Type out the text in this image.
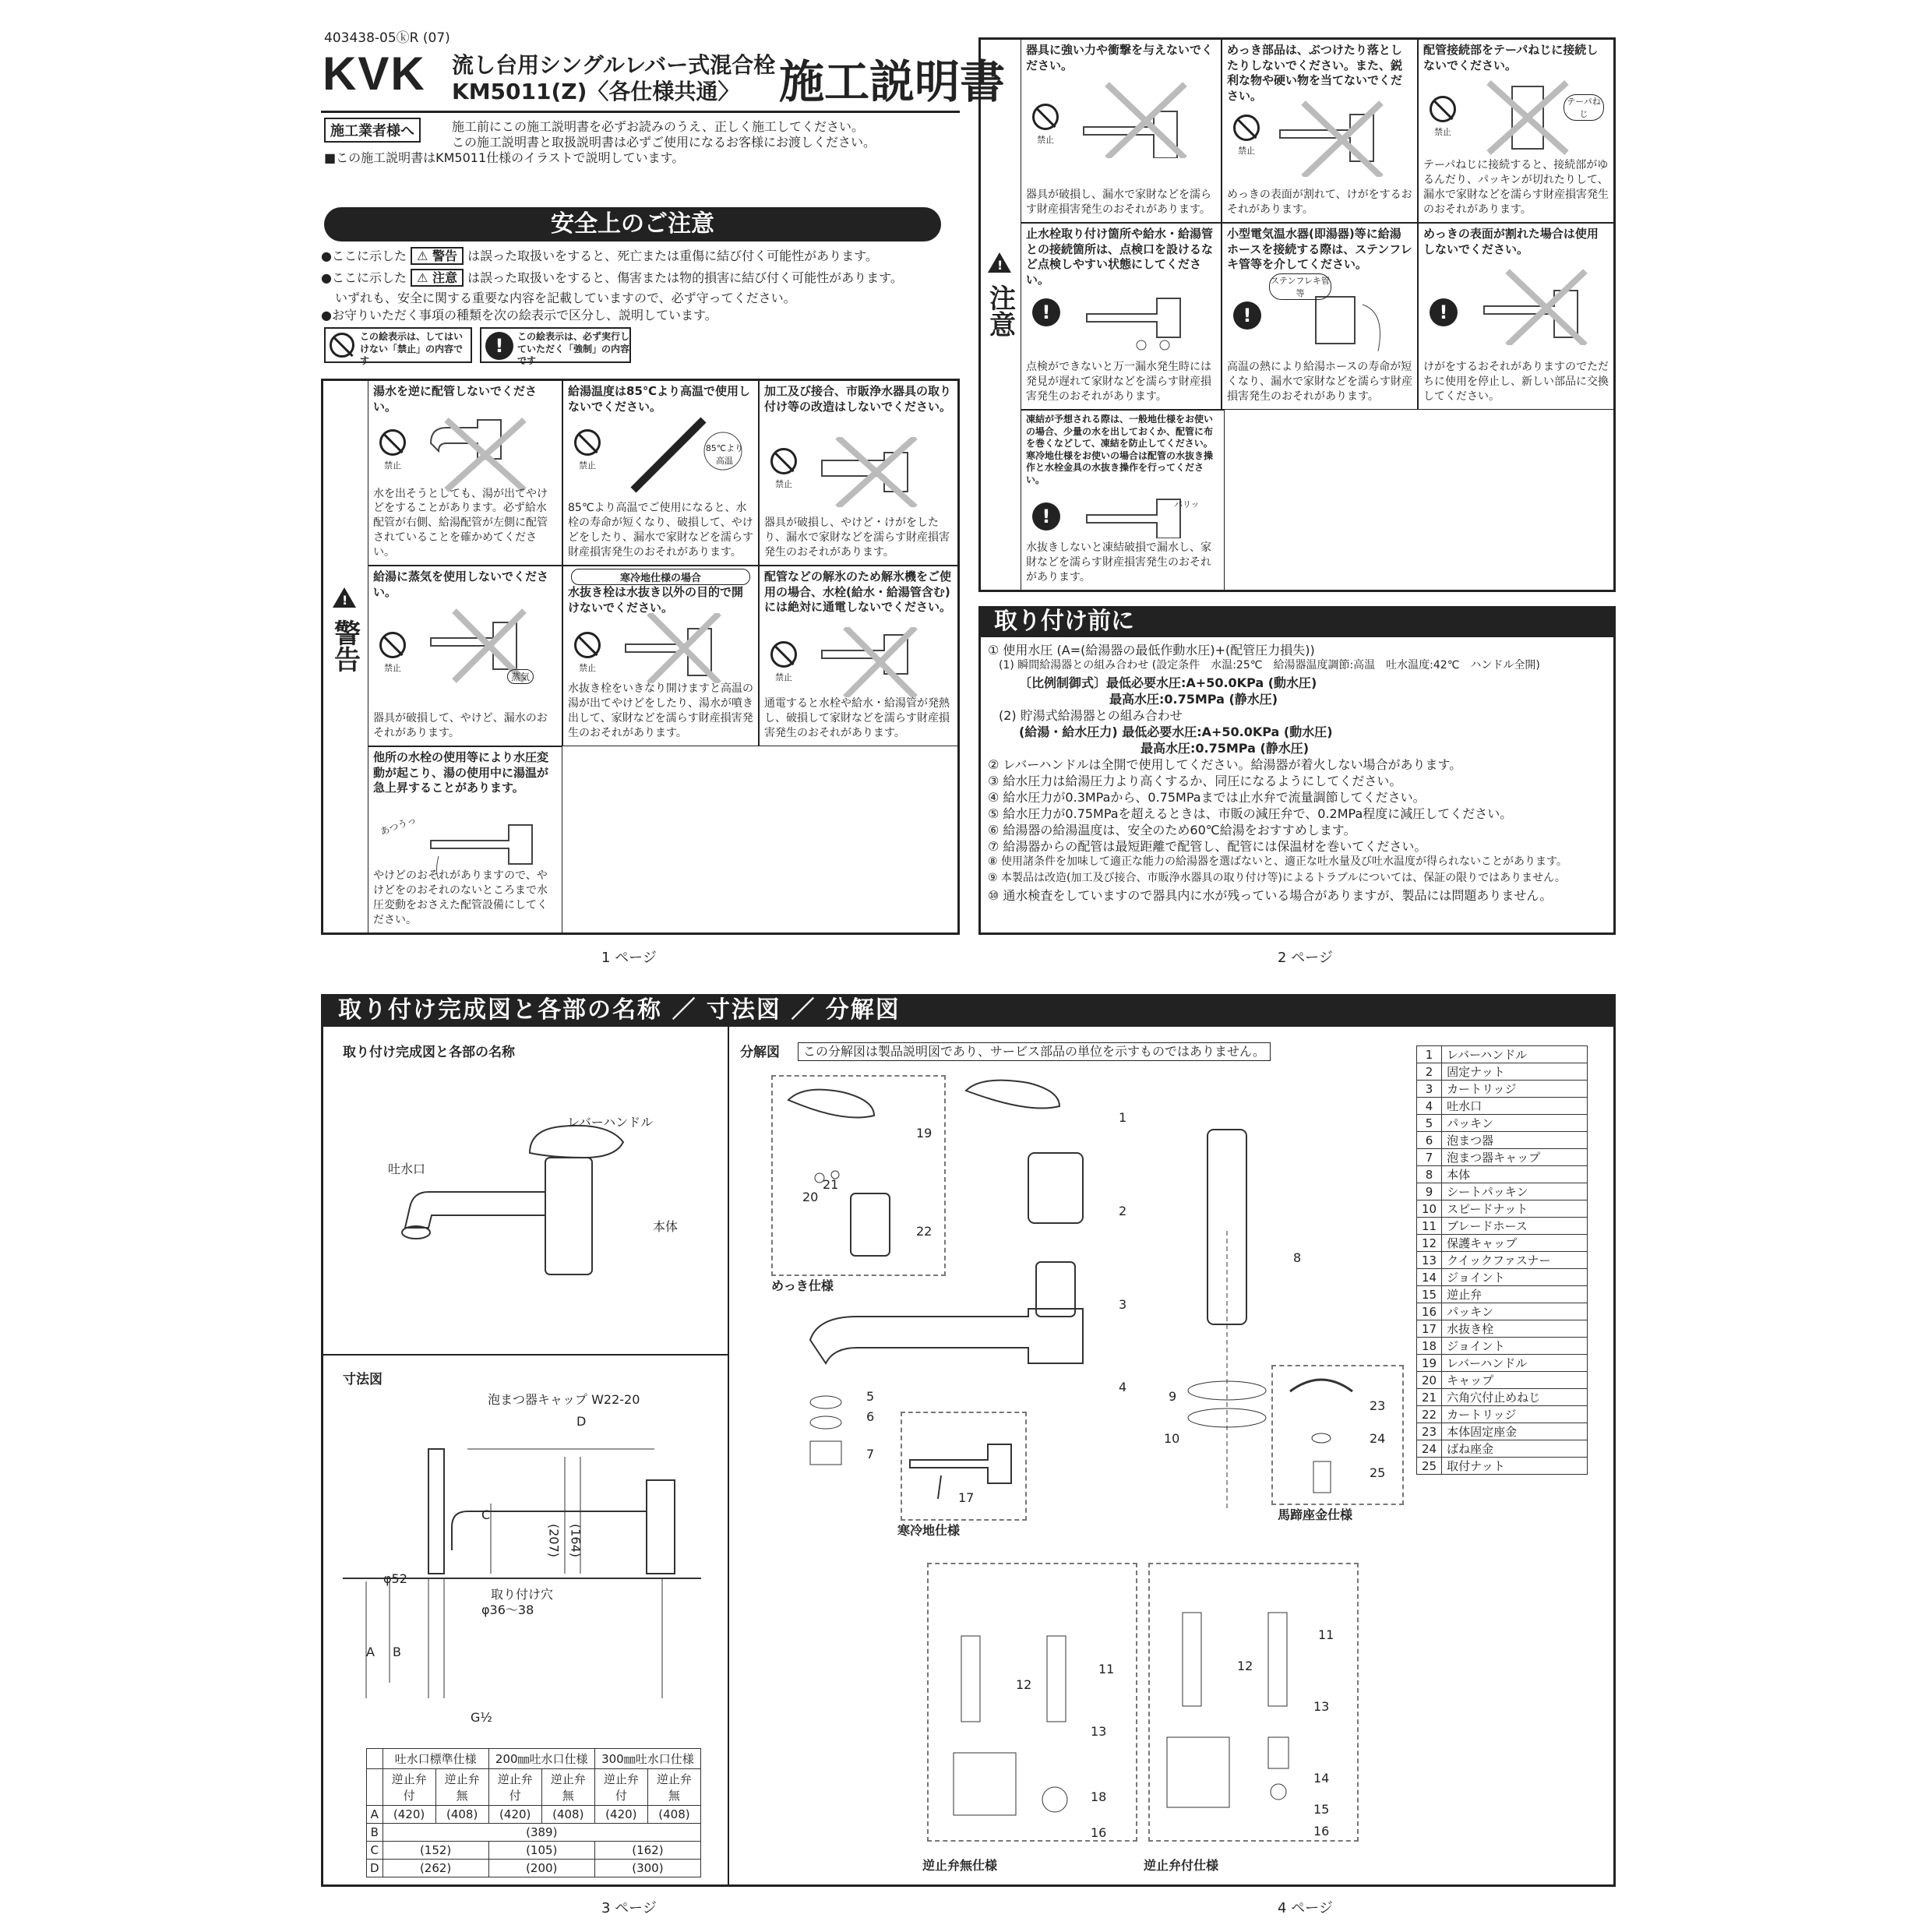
403438-05ⓚR (07)
KVK 流し台用シングルレバー式混合栓
KM5011(Z)〈各仕様共通〉 施工説明書
施工業者様へ	施工前にこの施工説明書を必ずお読みのうえ、正しく施工してください。
この施工説明書と取扱説明書は必ずご使用になるお客様にお渡しください。
■この施工説明書はKM5011仕様のイラストで説明しています。
安全上のご注意
●ここに示した ⚠ 警告 は誤った取扱いをすると、死亡または重傷に結び付く可能性があります。
●ここに示した ⚠ 注意 は誤った取扱いをすると、傷害または物的損害に結び付く可能性があります。
いずれも、安全に関する重要な内容を記載していますので、必ず守ってください。
●お守りいただく事項の種類を次の絵表示で区分し、説明しています。
この絵表示は、してはいけない「禁止」の内容です
!	この絵表示は、必ず実行していただく「強制」の内容です
!
警告
湯水を逆に配管しないでください。
禁止
水を出そうとしても、湯が出てやけどをすることがあります。必ず給水配管が右側、給湯配管が左側に配管されていることを確かめてください。
給湯温度は85℃より高温で使用しないでください。
禁止
85℃より高温
85℃より高温でご使用になると、水栓の寿命が短くなり、破損して、やけどをしたり、漏水で家財などを濡らす財産損害発生のおそれがあります。
加工及び接合、市販浄水器具の取り付け等の改造はしないでください。
禁止
器具が破損し、やけど・けがをしたり、漏水で家財などを濡らす財産損害発生のおそれがあります。
給湯に蒸気を使用しないでください。
禁止
蒸気
器具が破損して、やけど、漏水のおそれがあります。
寒冷地仕様の場合
水抜き栓は水抜き以外の目的で開けないでください。
禁止
水抜き栓をいきなり開けますと高温の湯が出てやけどをしたり、湯水が噴き出して、家財などを濡らす財産損害発生のおそれがあります。
配管などの解氷のため解氷機をご使用の場合、水栓(給水・給湯管含む)には絶対に通電しないでください。
禁止
通電すると水栓や給水・給湯管が発熱し、破損して家財などを濡らす財産損害発生のおそれがあります。
他所の水栓の使用等により水圧変動が起こり、湯の使用中に湯温が急上昇することがあります。
あつうっ
やけどのおそれがありますので、やけどをのおそれのないところまで水圧変動をおさえた配管設備にしてください。
!
注意
器具に強い力や衝撃を与えないでください。
禁止
器具が破損し、漏水で家財などを濡らす財産損害発生のおそれがあります。
めっき部品は、ぶつけたり落としたりしないでください。また、鋭利な物や硬い物を当てないでください。
禁止
めっきの表面が割れて、けがをするおそれがあります。
配管接続部をテーパねじに接続しないでください。
禁止
テーパねじ
テーパねじに接続すると、接続部がゆるんだり、パッキンが切れたりして、漏水で家財などを濡らす財産損害発生のおそれがあります。
止水栓取り付け箇所や給水・給湯管との接続箇所は、点検口を設けるなど点検しやすい状態にしてください。
!
点検ができないと万一漏水発生時には発見が遅れて家財などを濡らす財産損害発生のおそれがあります。
小型電気温水器(即湯器)等に給湯ホースを接続する際は、ステンフレキ管等を介してください。
!
ステンフレキ管等
高温の熱により給湯ホースの寿命が短くなり、漏水で家財などを濡らす財産損害発生のおそれがあります。
めっきの表面が割れた場合は使用しないでください。
!
けがをするおそれがありますのでただちに使用を停止し、新しい部品に交換してください。
凍結が予想される際は、一般地仕様をお使いの場合、少量の水を出しておくか、配管に布を巻くなどして、凍結を防止してください。寒冷地仕様をお使いの場合は配管の水抜き操作と水栓金具の水抜き操作を行ってください。
!
パリッ
水抜きしないと凍結破損で漏水し、家財などを濡らす財産損害発生のおそれがあります。
取り付け前に
① 使用水圧 (A=(給湯器の最低作動水圧)+(配管圧力損失))
(1) 瞬間給湯器との組み合わせ (設定条件　水温:25℃　給湯器温度調節:高温　吐水温度:42℃　ハンドル全開)
〔比例制御式〕最低必要水圧:A+50.0KPa (動水圧)
最高水圧:0.75MPa (静水圧)
(2) 貯湯式給湯器との組み合わせ
(給湯・給水圧力) 最低必要水圧:A+50.0KPa (動水圧)
最高水圧:0.75MPa (静水圧)
② レバーハンドルは全開で使用してください。給湯器が着火しない場合があります。
③ 給水圧力は給湯圧力より高くするか、同圧になるようにしてください。
④ 給水圧力が0.3MPaから、0.75MPaまでは止水弁で流量調節してください。
⑤ 給水圧力が0.75MPaを超えるときは、市販の減圧弁で、0.2MPa程度に減圧してください。
⑥ 給湯器の給湯温度は、安全のため60℃給湯をおすすめします。
⑦ 給湯器からの配管は最短距離で配管し、配管には保温材を巻いてください。
⑧ 使用諸条件を加味して適正な能力の給湯器を選ばないと、適正な吐水量及び吐水温度が得られないことがあります。
⑨ 本製品は改造(加工及び接合、市販浄水器具の取り付け等)によるトラブルについては、保証の限りではありません。
⑩ 通水検査をしていますので器具内に水が残っている場合がありますが、製品には問題ありません。
1 ページ	2 ページ
取り付け完成図と各部の名称 ／ 寸法図 ／ 分解図
取り付け完成図と各部の名称
レバーハンドル
吐水口
本体
寸法図
泡まつ器キャップ W22-20
D
C
(207) (164)
φ52
取り付け穴
φ36〜38
A B
G½
	吐水口標準仕様		200㎜吐水口仕様		300㎜吐水口仕様	
	逆止弁付	逆止弁無	逆止弁付	逆止弁無	逆止弁付	逆止弁無
A	(420)	(408)	(420)	(408)	(420)	(408)
B	(389)					
C	(152)		(105)		(162)	
D	(262)		(200)		(300)	
分解図	この分解図は製品説明図であり、サービス部品の単位を示すものではありません。
19
20
21
22
めっき仕様
1
2
3
4
5
6
7
8
9
10
17
寒冷地仕様
23
24
25
馬蹄座金仕様
11
12
13
18
16
逆止弁無仕様
11
12
13
14
15
16
逆止弁付仕様
1	レバーハンドル
2	固定ナット
3	カートリッジ
4	吐水口
5	パッキン
6	泡まつ器
7	泡まつ器キャップ
8	本体
9	シートパッキン
10	スピードナット
11	ブレードホース
12	保護キャップ
13	クイックファスナー
14	ジョイント
15	逆止弁
16	パッキン
17	水抜き栓
18	ジョイント
19	レバーハンドル
20	キャップ
21	六角穴付止めねじ
22	カートリッジ
23	本体固定座金
24	ばね座金
25	取付ナット
3 ページ	4 ページ
